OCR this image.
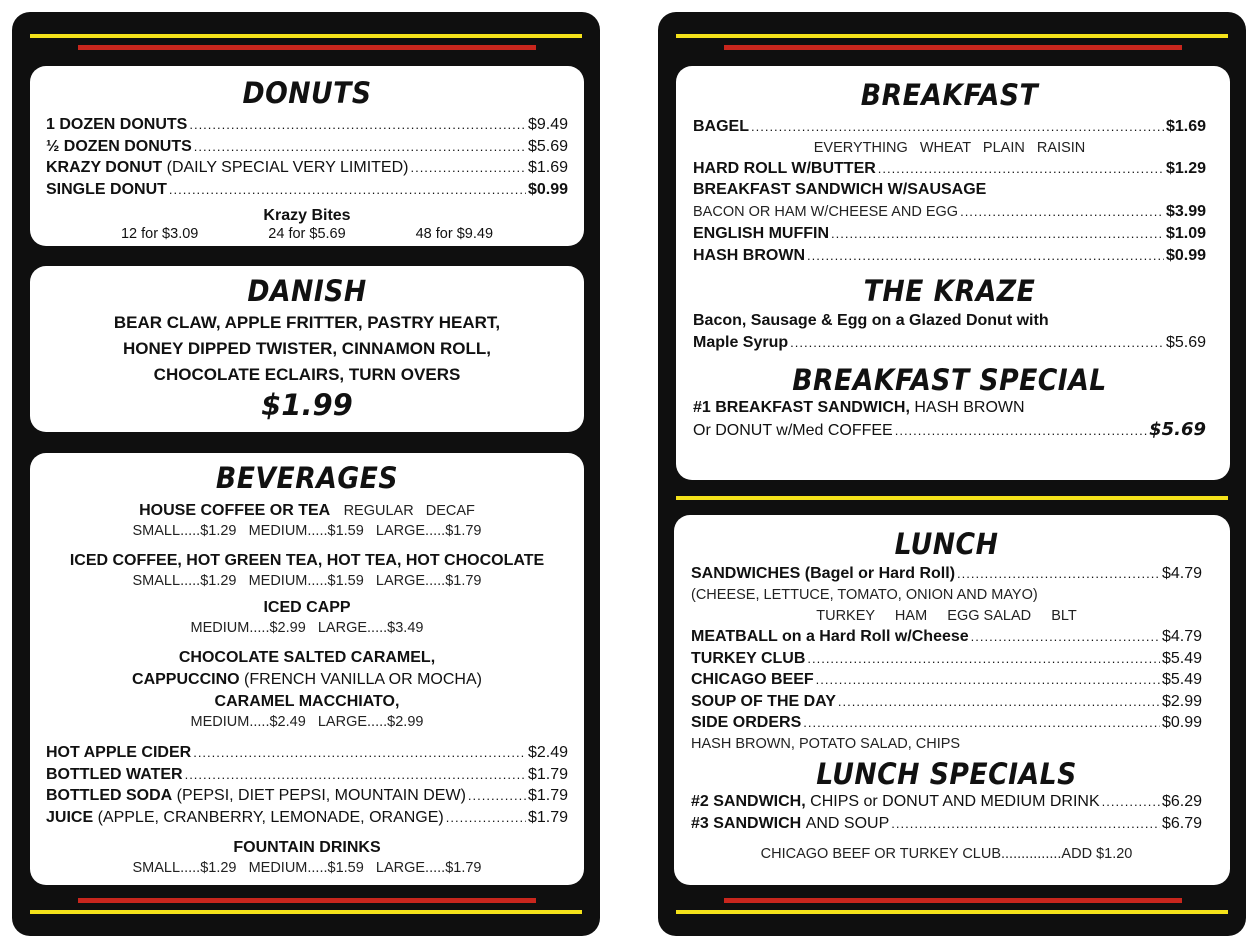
DONUTS
1 DOZEN DONUTS .....	$9.49
½ DOZEN DONUTS .....	$5.69
KRAZY DONUT
(DAILY SPECIAL VERY LIMITED) .....	$1.69
SINGLE DONUT .....	$0.99
Krazy Bites
12 for $3.09	24 for $5.69	48 for $9.49
DANISH
BEAR CLAW, APPLE FRITTER, PASTRY HEART,
HONEY DIPPED TWISTER, CINNAMON ROLL,
CHOCOLATE ECLAIRS, TURN OVERS
$1.99
BEVERAGES
HOUSE COFFEE OR TEA REGULAR   DECAF
SMALL.....$1.29   MEDIUM.....$1.59   LARGE.....$1.79
ICED COFFEE, HOT GREEN TEA, HOT TEA, HOT CHOCOLATE
SMALL.....$1.29   MEDIUM.....$1.59   LARGE.....$1.79
ICED CAPP
MEDIUM.....$2.99   LARGE.....$3.49
CHOCOLATE SALTED CARAMEL,
CAPPUCCINO (FRENCH VANILLA OR MOCHA)
CARAMEL MACCHIATO,
MEDIUM.....$2.49   LARGE.....$2.99
HOT APPLE CIDER .....	$2.49
BOTTLED WATER .....	$1.79
BOTTLED SODA
(PEPSI, DIET PEPSI, MOUNTAIN DEW) .....	$1.79
JUICE
(APPLE, CRANBERRY, LEMONADE, ORANGE) .....	$1.79
FOUNTAIN DRINKS
SMALL.....$1.29   MEDIUM.....$1.59   LARGE.....$1.79
BREAKFAST
BAGEL .....	$1.69
EVERYTHING   WHEAT   PLAIN   RAISIN
HARD ROLL W/BUTTER .....	$1.29
BREAKFAST SANDWICH W/SAUSAGE
BACON OR HAM W/CHEESE AND EGG .....	$3.99
ENGLISH MUFFIN .....	$1.09
HASH BROWN .....	$0.99
THE KRAZE
Bacon, Sausage & Egg on a Glazed Donut with
Maple Syrup .....	$5.69
BREAKFAST SPECIAL
#1 BREAKFAST SANDWICH,
HASH BROWN
Or DONUT w/Med COFFEE .....	$5.69
LUNCH
SANDWICHES (Bagel or Hard Roll) .....	$4.79
(CHEESE, LETTUCE, TOMATO, ONION AND MAYO)
TURKEY     HAM     EGG SALAD     BLT
MEATBALL on a Hard Roll w/Cheese .....	$4.79
TURKEY CLUB .....	$5.49
CHICAGO BEEF .....	$5.49
SOUP OF THE DAY .....	$2.99
SIDE ORDERS .....	$0.99
HASH BROWN, POTATO SALAD, CHIPS
LUNCH SPECIALS
#2 SANDWICH,
CHIPS or DONUT AND MEDIUM DRINK .....	$6.29
#3 SANDWICH
AND SOUP .....	$6.79
CHICAGO BEEF OR TURKEY CLUB...............ADD $1.20
